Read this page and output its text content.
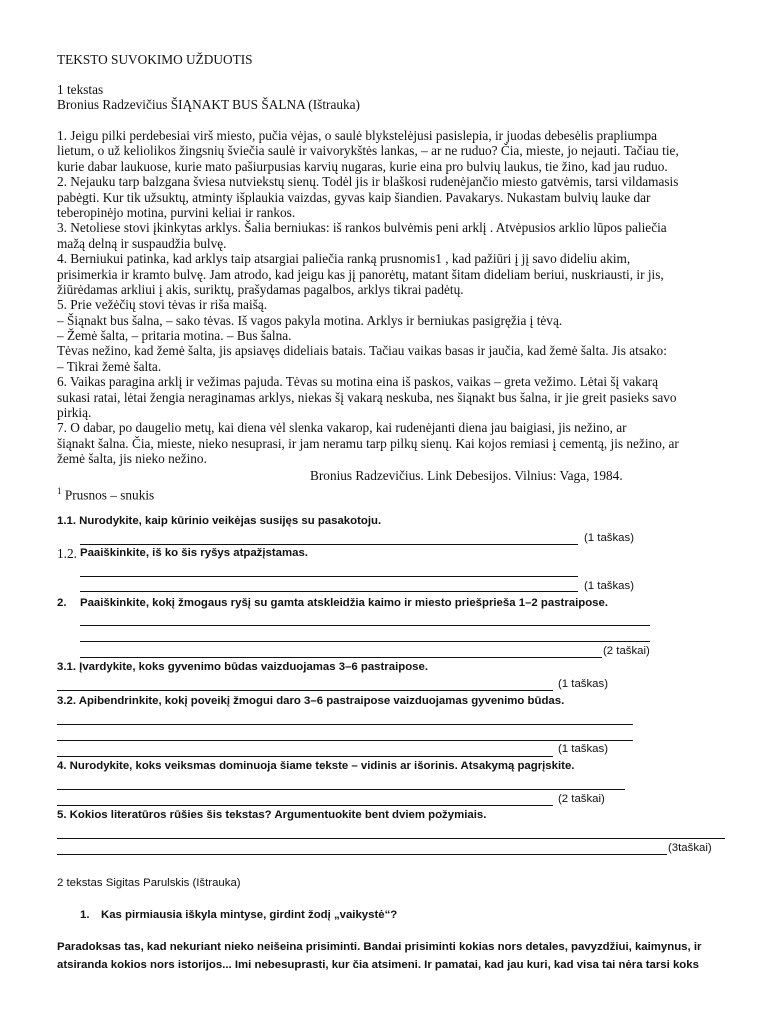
TEKSTO SUVOKIMO UŽDUOTIS
1 tekstas
Bronius Radzevičius ŠIĄNAKT BUS ŠALNA (Ištrauka)
1. Jeigu pilki perdebesiai virš miesto, pučia vėjas, o saulė blykstelėjusi pasislepia, ir juodas debesėlis prapliumpa
lietum, o už keliolikos žingsnių šviečia saulė ir vaivorykštės lankas, – ar ne ruduo? Čia, mieste, jo nejauti. Tačiau tie,
kurie dabar laukuose, kurie mato pašiurpusias karvių nugaras, kurie eina pro bulvių laukus, tie žino, kad jau ruduo.
2. Nejauku tarp balzgana šviesa nutviekstų sienų. Todėl jis ir blaškosi rudenėjančio miesto gatvėmis, tarsi vildamasis
pabėgti. Kur tik užsuktų, atminty išplaukia vaizdas, gyvas kaip šiandien. Pavakarys. Nukastam bulvių lauke dar
teberopinėjo motina, purvini keliai ir rankos.
3. Netoliese stovi įkinkytas arklys. Šalia berniukas: iš rankos bulvėmis peni arklį . Atvėpusios arklio lūpos paliečia
mažą delną ir suspaudžia bulvę.
4. Berniukui patinka, kad arklys taip atsargiai paliečia ranką prusnomis1 , kad pažiūri į jį savo dideliu akim,
prisimerkia ir kramto bulvę. Jam atrodo, kad jeigu kas jį panorėtų, matant šitam dideliam beriui, nuskriausti, ir jis,
žiūrėdamas arkliui į akis, suriktų, prašydamas pagalbos, arklys tikrai padėtų.
5. Prie vežėčių stovi tėvas ir riša maišą.
– Šiąnakt bus šalna, – sako tėvas. Iš vagos pakyla motina. Arklys ir berniukas pasigręžia į tėvą.
– Žemė šalta, – pritaria motina. – Bus šalna.
Tėvas nežino, kad žemė šalta, jis apsiavęs dideliais batais. Tačiau vaikas basas ir jaučia, kad žemė šalta. Jis atsako:
– Tikrai žemė šalta.
6. Vaikas paragina arklį ir vežimas pajuda. Tėvas su motina eina iš paskos, vaikas – greta vežimo. Lėtai šį vakarą
sukasi ratai, lėtai žengia neraginamas arklys, niekas šį vakarą neskuba, nes šiąnakt bus šalna, ir jie greit pasieks savo
pirkią.
7. O dabar, po daugelio metų, kai diena vėl slenka vakarop, kai rudenėjanti diena jau baigiasi, jis nežino, ar
šiąnakt šalna. Čia, mieste, nieko nesuprasi, ir jam neramu tarp pilkų sienų. Kai kojos remiasi į cementą, jis nežino, ar
žemė šalta, jis nieko nežino.
Bronius Radzevičius. Link Debesijos. Vilnius: Vaga, 1984.
$^1$ Prusnos – snukis
1.1. Nurodykite, kaip kūrinio veikėjas susijęs su pasakotoju.
(1 taškas)
1.2. Paaiškinkite, iš ko šis ryšys atpažįstamas.
(1 taškas)
2. Paaiškinkite, kokį žmogaus ryšį su gamta atskleidžia kaimo ir miesto priešprieša 1–2 pastraipose.
(2 taškai)
3.1. Įvardykite, koks gyvenimo būdas vaizduojamas 3–6 pastraipose.
(1 taškas)
3.2. Apibendrinkite, kokį poveikį žmogui daro 3–6 pastraipose vaizduojamas gyvenimo būdas.
(1 taškas)
4. Nurodykite, koks veiksmas dominuoja šiame tekste – vidinis ar išorinis. Atsakymą pagrįskite.
(2 taškai)
5. Kokios literatūros rūšies šis tekstas? Argumentuokite bent dviem požymiais.
(3taškai)
2 tekstas Sigitas Parulskis (Ištrauka)
1. Kas pirmiausia iškyla mintyse, girdint žodį „vaikystė“?
Paradoksas tas, kad nekuriant nieko neišeina prisiminti. Bandai prisiminti kokias nors detales, pavyzdžiui, kaimynus, ir
atsiranda kokios nors istorijos... Imi nebesuprasti, kur čia atsimeni. Ir pamatai, kad jau kuri, kad visa tai nėra tarsi koks
